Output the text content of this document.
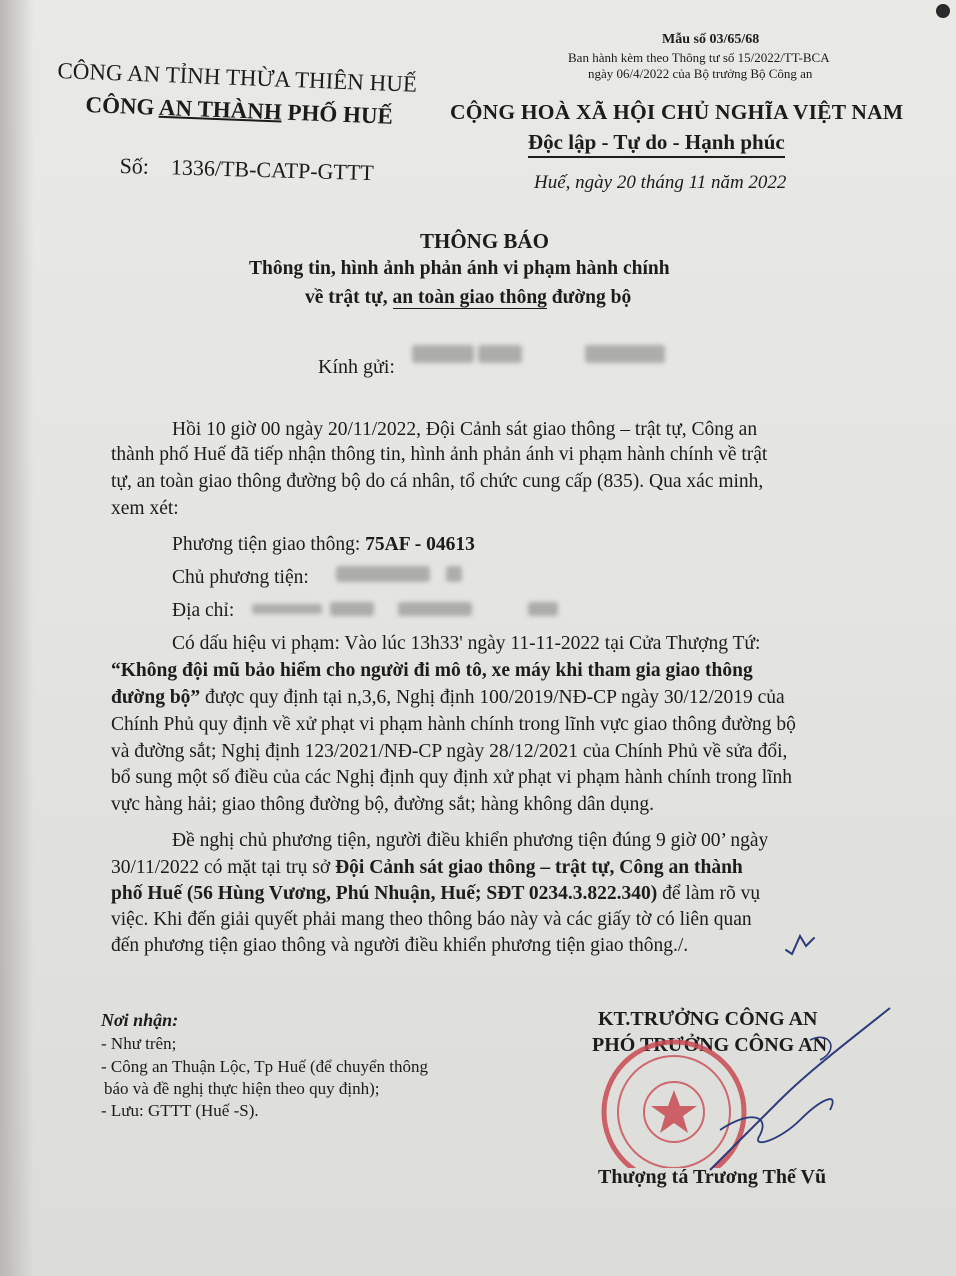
Mẫu số 03/65/68
Ban hành kèm theo Thông tư số 15/2022/TT-BCA
ngày 06/4/2022 của Bộ trưởng Bộ Công an
CÔNG AN TỈNH THỪA THIÊN HUẾ
CÔNG AN THÀNH PHỐ HUẾ	CỘNG HOÀ XÃ HỘI CHỦ NGHĨA VIỆT NAM
Độc lập - Tự do - Hạnh phúc
Số: 1336/TB-CATP-GTTT	Huế, ngày 20 tháng 11 năm 2022
THÔNG BÁO
Thông tin, hình ảnh phản ánh vi phạm hành chính
về trật tự, an toàn giao thông đường bộ
Kính gửi:
Hồi 10 giờ 00 ngày 20/11/2022, Đội Cảnh sát giao thông – trật tự, Công an
thành phố Huế đã tiếp nhận thông tin, hình ảnh phản ánh vi phạm hành chính về trật
tự, an toàn giao thông đường bộ do cá nhân, tổ chức cung cấp (835). Qua xác minh,
xem xét:
Phương tiện giao thông: 75AF - 04613
Chủ phương tiện:
Địa chỉ:
Có dấu hiệu vi phạm: Vào lúc 13h33' ngày 11-11-2022 tại Cửa Thượng Tứ:
“Không đội mũ bảo hiểm cho người đi mô tô, xe máy khi tham gia giao thông
đường bộ” được quy định tại n,3,6, Nghị định 100/2019/NĐ-CP ngày 30/12/2019 của
Chính Phủ quy định về xử phạt vi phạm hành chính trong lĩnh vực giao thông đường bộ
và đường sắt; Nghị định 123/2021/NĐ-CP ngày 28/12/2021 của Chính Phủ về sửa đổi,
bổ sung một số điều của các Nghị định quy định xử phạt vi phạm hành chính trong lĩnh
vực hàng hải; giao thông đường bộ, đường sắt; hàng không dân dụng.
Đề nghị chủ phương tiện, người điều khiển phương tiện đúng 9 giờ 00’ ngày
30/11/2022 có mặt tại trụ sở Đội Cảnh sát giao thông – trật tự, Công an thành
phố Huế (56 Hùng Vương, Phú Nhuận, Huế; SĐT 0234.3.822.340) để làm rõ vụ
việc. Khi đến giải quyết phải mang theo thông báo này và các giấy tờ có liên quan
đến phương tiện giao thông và người điều khiển phương tiện giao thông./.
Nơi nhận:
- Như trên;
- Công an Thuận Lộc, Tp Huế (để chuyển thông
báo và đề nghị thực hiện theo quy định);
- Lưu: GTTT (Huế -S).
KT.TRƯỞNG CÔNG AN
PHÓ TRƯỞNG CÔNG AN
Thượng tá Trương Thế Vũ
